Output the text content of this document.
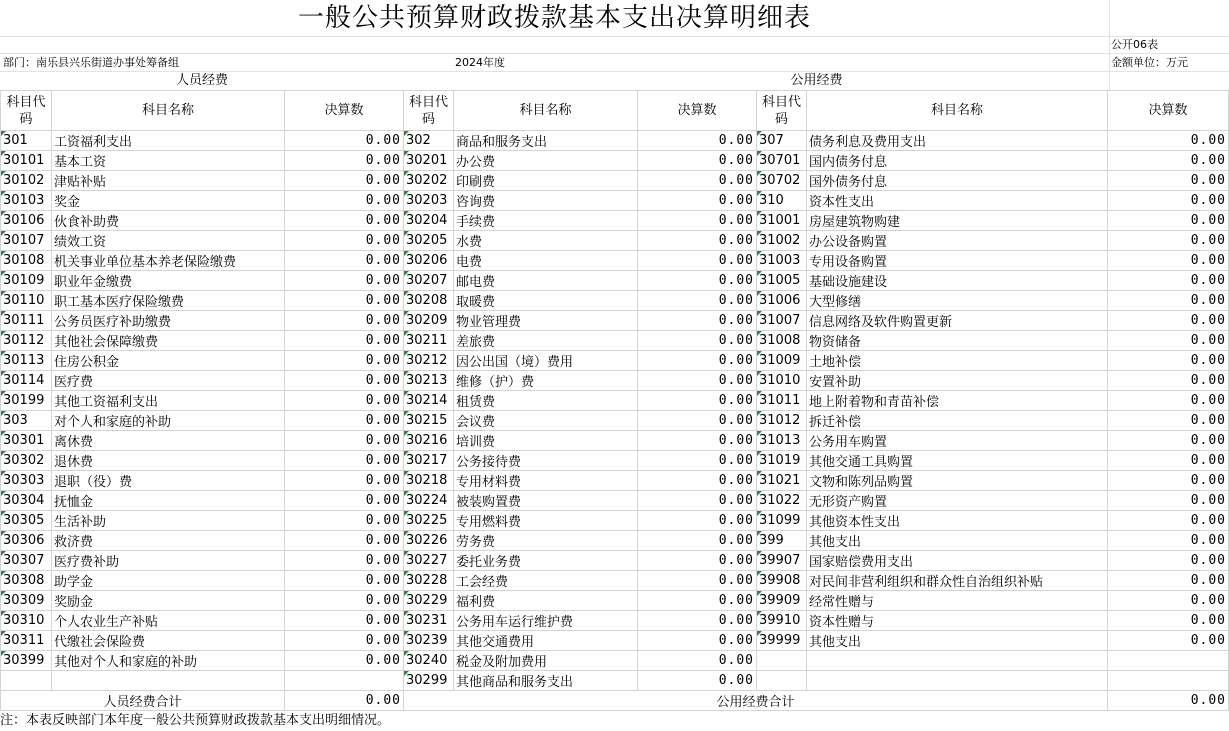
一般公共预算财政拨款基本支出决算明细表
公开06表
部门：南乐县兴乐街道办事处筹备组	2024年度	金额单位：万元
人员经费	公用经费
科目代码	科目名称	决算数	科目代码	科目名称	决算数	科目代码	科目名称	决算数
301	工资福利支出	0.00	302	商品和服务支出	0.00	307	债务利息及费用支出	0.00
30101	基本工资	0.00	30201	办公费	0.00	30701	国内债务付息	0.00
30102	津贴补贴	0.00	30202	印刷费	0.00	30702	国外债务付息	0.00
30103	奖金	0.00	30203	咨询费	0.00	310	资本性支出	0.00
30106	伙食补助费	0.00	30204	手续费	0.00	31001	房屋建筑物购建	0.00
30107	绩效工资	0.00	30205	水费	0.00	31002	办公设备购置	0.00
30108	机关事业单位基本养老保险缴费	0.00	30206	电费	0.00	31003	专用设备购置	0.00
30109	职业年金缴费	0.00	30207	邮电费	0.00	31005	基础设施建设	0.00
30110	职工基本医疗保险缴费	0.00	30208	取暖费	0.00	31006	大型修缮	0.00
30111	公务员医疗补助缴费	0.00	30209	物业管理费	0.00	31007	信息网络及软件购置更新	0.00
30112	其他社会保障缴费	0.00	30211	差旅费	0.00	31008	物资储备	0.00
30113	住房公积金	0.00	30212	因公出国（境）费用	0.00	31009	土地补偿	0.00
30114	医疗费	0.00	30213	维修（护）费	0.00	31010	安置补助	0.00
30199	其他工资福利支出	0.00	30214	租赁费	0.00	31011	地上附着物和青苗补偿	0.00
303	对个人和家庭的补助	0.00	30215	会议费	0.00	31012	拆迁补偿	0.00
30301	离休费	0.00	30216	培训费	0.00	31013	公务用车购置	0.00
30302	退休费	0.00	30217	公务接待费	0.00	31019	其他交通工具购置	0.00
30303	退职（役）费	0.00	30218	专用材料费	0.00	31021	文物和陈列品购置	0.00
30304	抚恤金	0.00	30224	被装购置费	0.00	31022	无形资产购置	0.00
30305	生活补助	0.00	30225	专用燃料费	0.00	31099	其他资本性支出	0.00
30306	救济费	0.00	30226	劳务费	0.00	399	其他支出	0.00
30307	医疗费补助	0.00	30227	委托业务费	0.00	39907	国家赔偿费用支出	0.00
30308	助学金	0.00	30228	工会经费	0.00	39908	对民间非营利组织和群众性自治组织补贴	0.00
30309	奖励金	0.00	30229	福利费	0.00	39909	经常性赠与	0.00
30310	个人农业生产补贴	0.00	30231	公务用车运行维护费	0.00	39910	资本性赠与	0.00
30311	代缴社会保险费	0.00	30239	其他交通费用	0.00	39999	其他支出	0.00
30399	其他对个人和家庭的补助	0.00	30240	税金及附加费用	0.00			
			30299	其他商品和服务支出	0.00			
人员经费合计		0.00	公用经费合计					0.00
注：本表反映部门本年度一般公共预算财政拨款基本支出明细情况。
